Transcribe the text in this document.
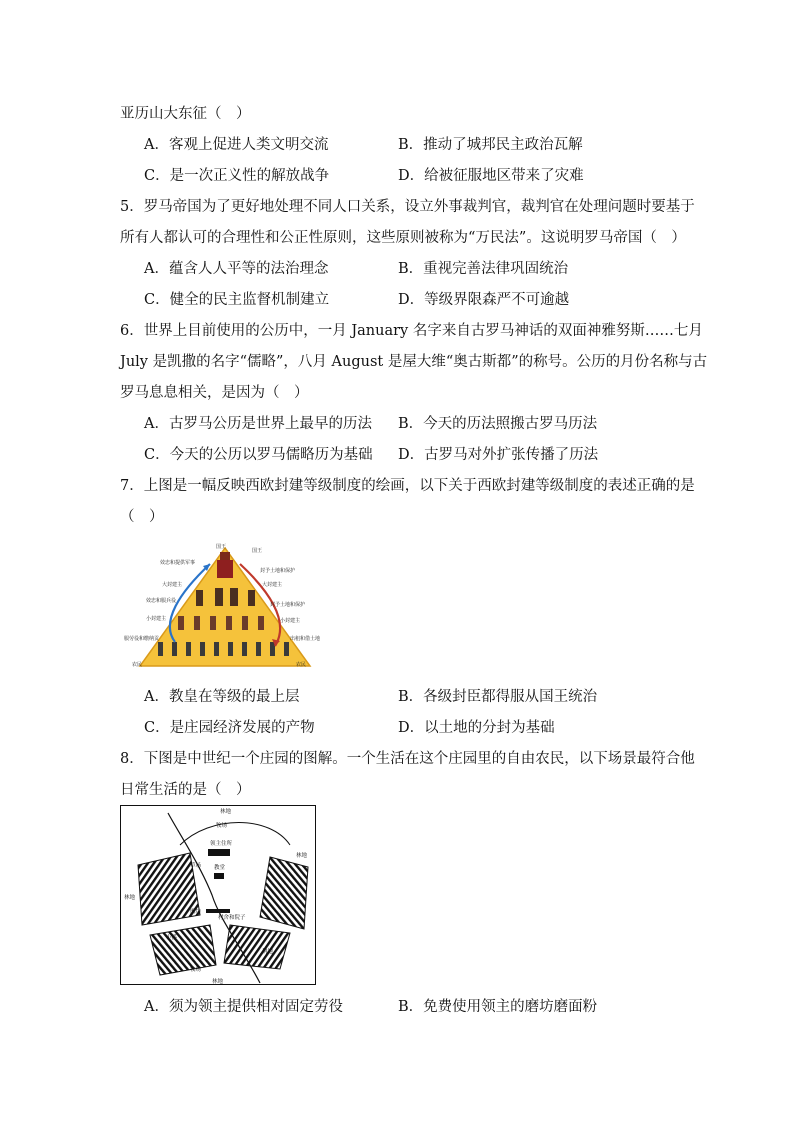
亚历山大东征（　）
A．客观上促进人类文明交流	B．推动了城邦民主政治瓦解
C．是一次正义性的解放战争	D．给被征服地区带来了灾难
5．罗马帝国为了更好地处理不同人口关系，设立外事裁判官，裁判官在处理问题时要基于
所有人都认可的合理性和公正性原则，这些原则被称为“万民法”。这说明罗马帝国（　）
A．蕴含人人平等的法治理念	B．重视完善法律巩固统治
C．健全的民主监督机制建立	D．等级界限森严不可逾越
6．世界上目前使用的公历中，一月 January 名字来自古罗马神话的双面神雅努斯……七月
July 是凯撒的名字“儒略”，八月 August 是屋大维“奥古斯都”的称号。公历的月份名称与古
罗马息息相关，是因为（　）
A．古罗马公历是世界上最早的历法 B．今天的历法照搬古罗马历法
C．今天的公历以罗马儒略历为基础 D．古罗马对外扩张传播了历法
7．上图是一幅反映西欧封建等级制度的绘画，以下关于西欧封建等级制度的表述正确的是
（　）
国王
国王
效忠和提供军事
大封建主
效忠和服兵役
小封建主
服劳役和缴纳贡
农民
封予土地和保护
大封建主
封予土地和保护
小封建主
出租和借土地
农民
A．教皇在等级的最上层	B．各级封臣都得服从国王统治
C．是庄园经济发展的产物	D．以土地的分封为基础
8．下图是中世纪一个庄园的图解。一个生活在这个庄园里的自由农民，以下场景最符合他
日常生活的是（　）
林地
牧场
领主住所
教堂
林地
草场
林地
磨坊
村舍和院子
小溪
牧场
林地
耕地
A．须为领主提供相对固定劳役	B．免费使用领主的磨坊磨面粉
